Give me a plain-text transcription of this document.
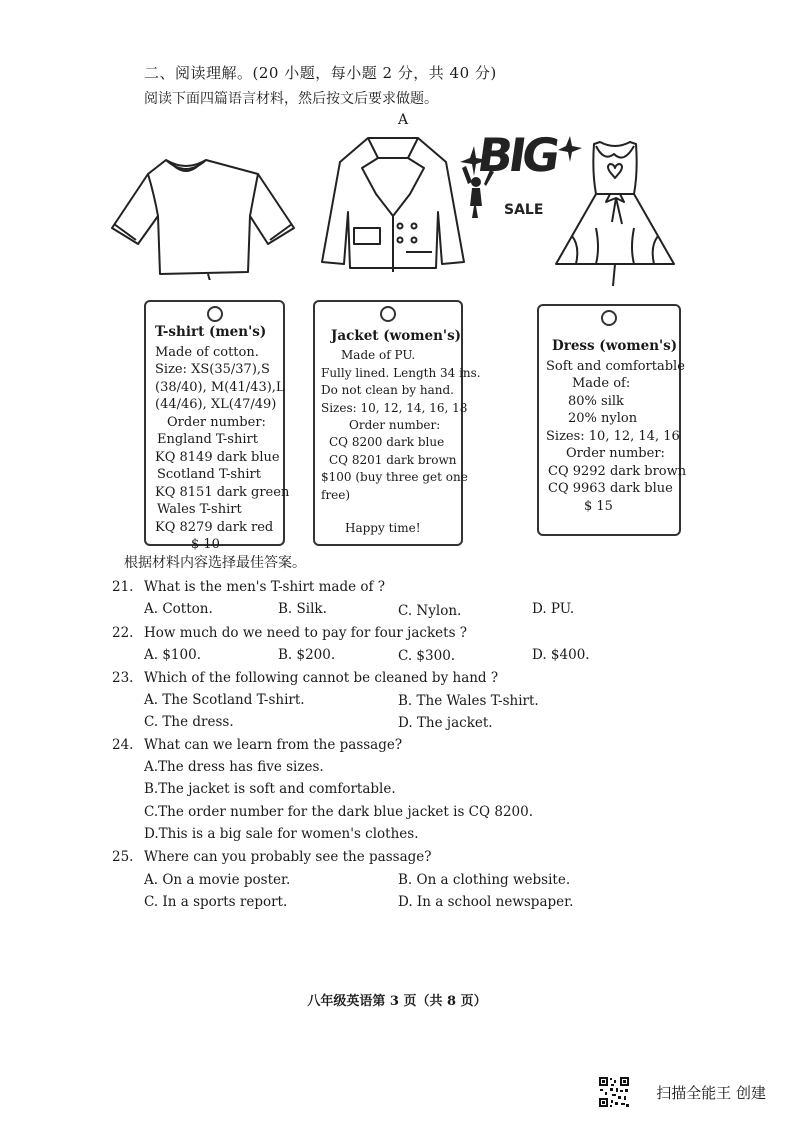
二、阅读理解。(20 小题，每小题 2 分，共 40 分)
阅读下面四篇语言材料，然后按文后要求做题。
A
BIG
SALE
T-shirt (men's)
Made of cotton.
Size: XS(35/37),S
(38/40), M(41/43),L
(44/46), XL(47/49)
Order number:
England T-shirt
KQ 8149 dark blue
Scotland T-shirt
KQ 8151 dark green
Wales T-shirt
KQ 8279 dark red
$ 10
Jacket (women's)
Made of PU.
Fully lined. Length 34 ins.
Do not clean by hand.
Sizes: 10, 12, 14, 16, 18
Order number:
CQ 8200 dark blue
CQ 8201 dark brown
$100 (buy three get one
free)
Happy time!
Dress (women's)
Soft and comfortable
Made of:
80% silk
20% nylon
Sizes: 10, 12, 14, 16
Order number:
CQ 9292 dark brown
CQ 9963 dark blue
$ 15
根据材料内容选择最佳答案。
21. What is the men's T-shirt made of ?
A. Cotton.	B. Silk.	C. Nylon.	D. PU.
22. How much do we need to pay for four jackets ?
A. $100.	B. $200.	C. $300.	D. $400.
23. Which of the following cannot be cleaned by hand ?
A. The Scotland T-shirt.	B. The Wales T-shirt.
C. The dress.	D. The jacket.
24. What can we learn from the passage?
A.The dress has five sizes.
B.The jacket is soft and comfortable.
C.The order number for the dark blue jacket is CQ 8200.
D.This is a big sale for women's clothes.
25. Where can you probably see the passage?
A. On a movie poster.	B. On a clothing website.
C. In a sports report.	D. In a school newspaper.
八年级英语第 3 页（共 8 页）
扫描全能王 创建
